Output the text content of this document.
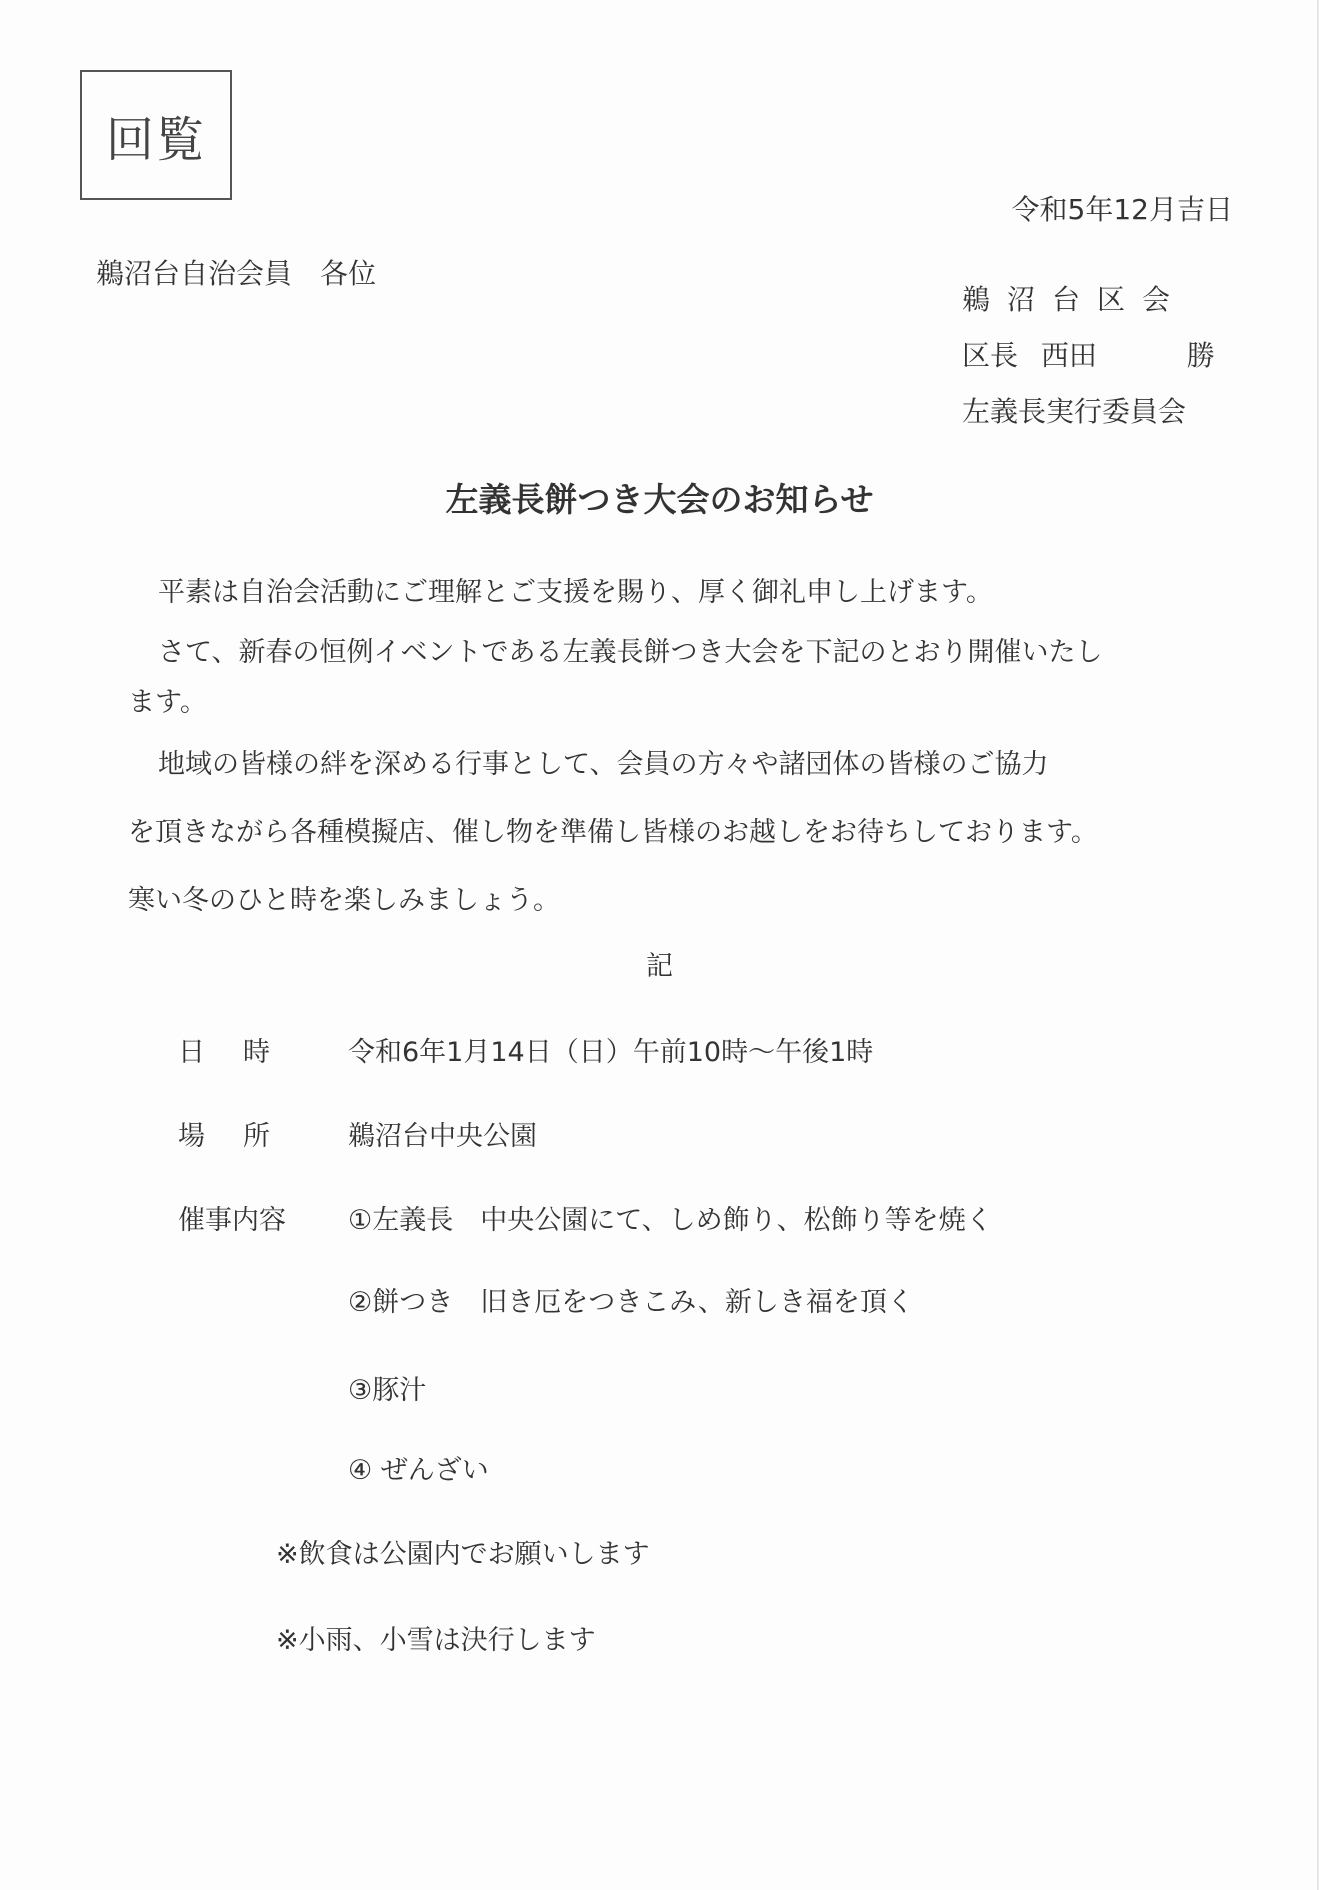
回覧
令和5年12月吉日
鵜沼台自治会員　各位
鵜沼台区会
区長 西田	勝
左義長実行委員会
左義長餅つき大会のお知らせ

平素は自治会活動にご理解とご支援を賜り、厚く御礼申し上げます。

さて、新春の恒例イベントである左義長餅つき大会を下記のとおり開催いたし

ます。

地域の皆様の絆を深める行事として、会員の方々や諸団体の皆様のご協力

を頂きながら各種模擬店、催し物を準備し皆様のお越しをお待ちしております。

寒い冬のひと時を楽しみましょう。

記
日時 令和6年1月14日（日）午前10時～午後1時
場所 鵜沼台中央公園
催事内容	①左義長　中央公園にて、しめ飾り、松飾り等を焼く
②餅つき　旧き厄をつきこみ、新しき福を頂く
③豚汁
④ ぜんざい
※飲食は公園内でお願いします
※小雨、小雪は決行します
